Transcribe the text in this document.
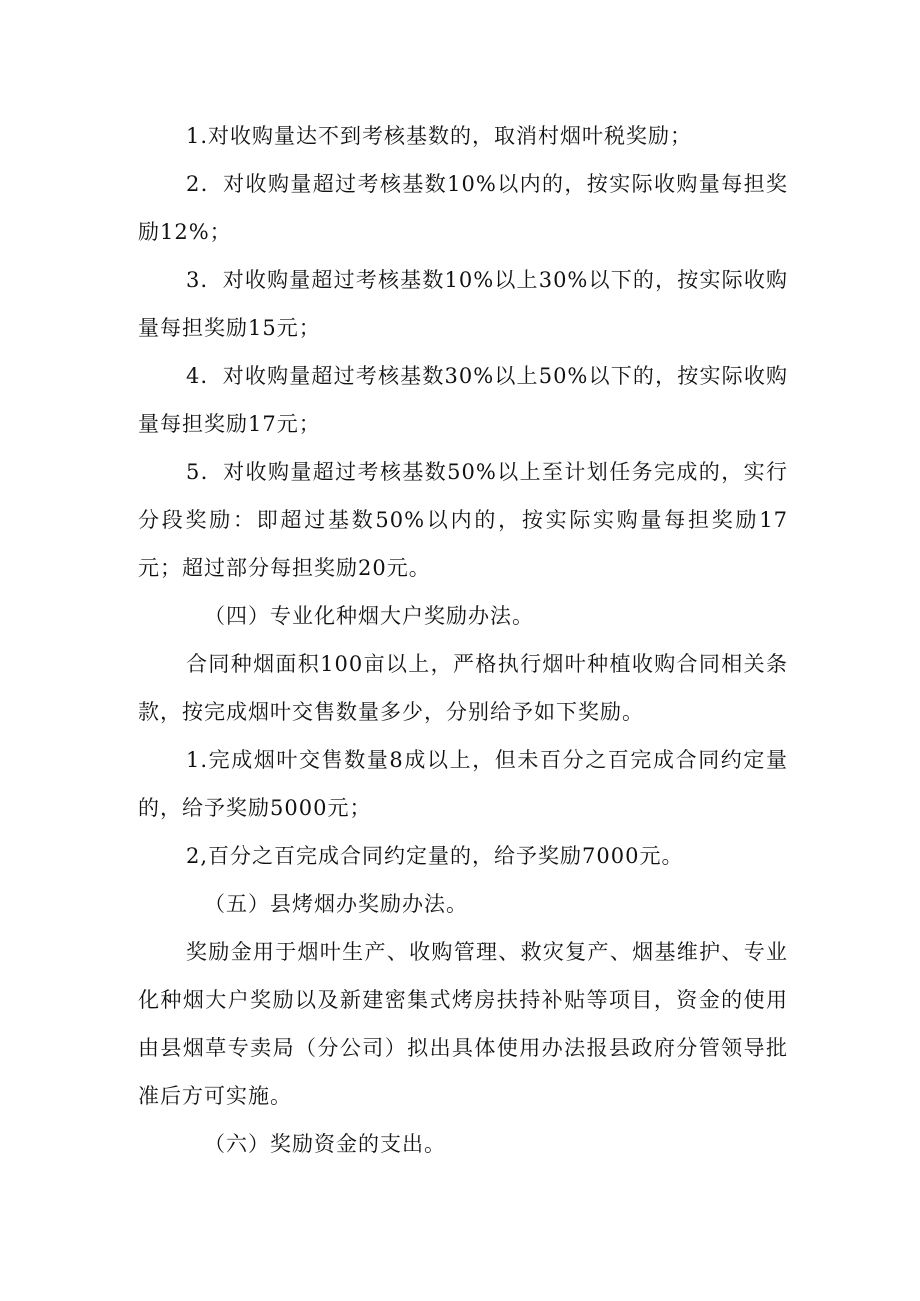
1.对收购量达不到考核基数的，取消村烟叶税奖励；

2．对收购量超过考核基数10%以内的，按实际收购量每担奖励12%；

3．对收购量超过考核基数10%以上30%以下的，按实际收购量每担奖励15元；

4．对收购量超过考核基数30%以上50%以下的，按实际收购量每担奖励17元；

5．对收购量超过考核基数50%以上至计划任务完成的，实行分段奖励：即超过基数50%以内的，按实际实购量每担奖励17元；超过部分每担奖励20元。

（四）专业化种烟大户奖励办法。

合同种烟面积100亩以上，严格执行烟叶种植收购合同相关条款，按完成烟叶交售数量多少，分别给予如下奖励。

1.完成烟叶交售数量8成以上，但未百分之百完成合同约定量的，给予奖励5000元；

2,百分之百完成合同约定量的，给予奖励7000元。

（五）县烤烟办奖励办法。

奖励金用于烟叶生产、收购管理、救灾复产、烟基维护、专业化种烟大户奖励以及新建密集式烤房扶持补贴等项目，资金的使用由县烟草专卖局（分公司）拟出具体使用办法报县政府分管领导批准后方可实施。

（六）奖励资金的支出。
